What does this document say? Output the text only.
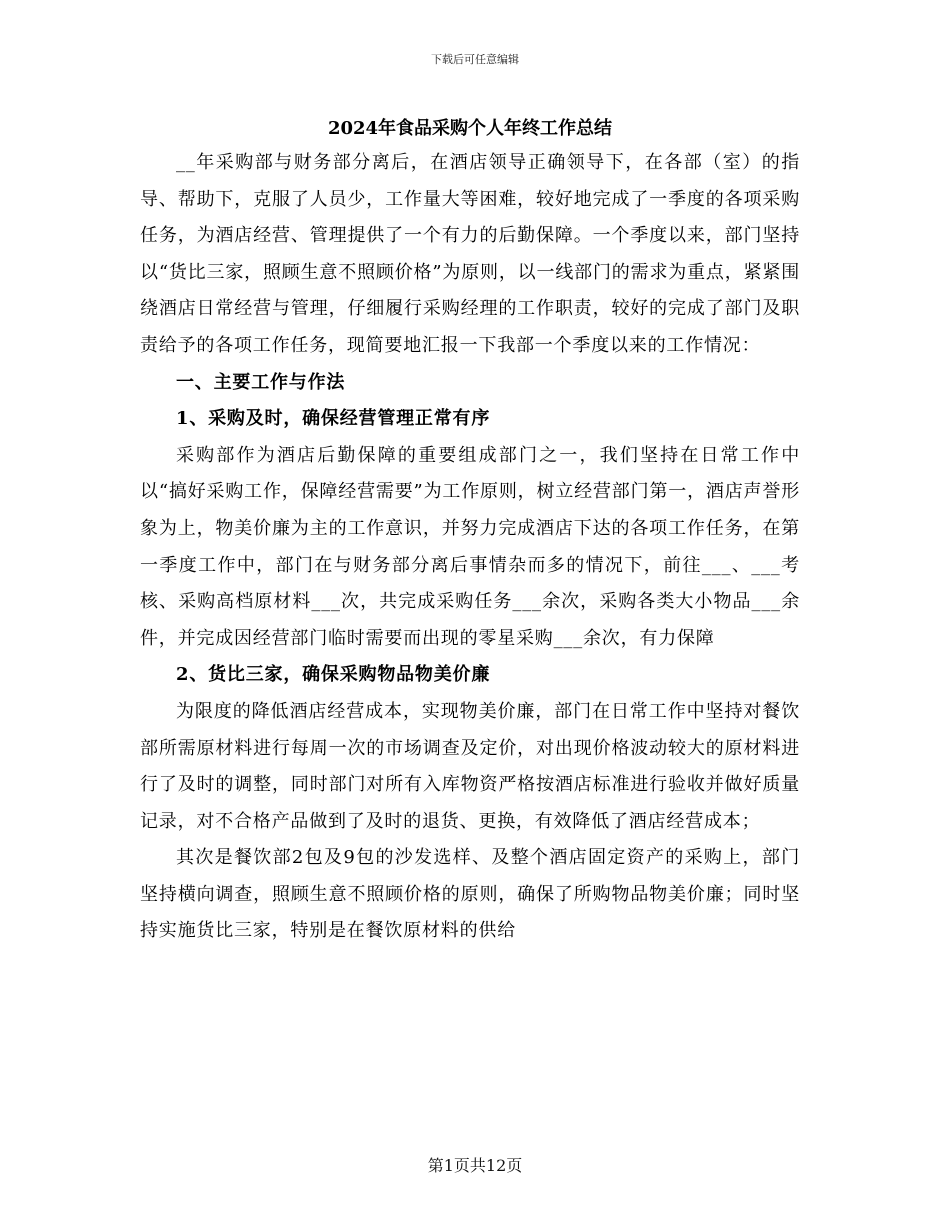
下载后可任意编辑
2024年食品采购个人年终工作总结

__年采购部与财务部分离后，在酒店领导正确领导下，在各部（室）的指导、帮助下，克服了人员少，工作量大等困难，较好地完成了一季度的各项采购任务，为酒店经营、管理提供了一个有力的后勤保障。一个季度以来，部门坚持以“货比三家，照顾生意不照顾价格”为原则，以一线部门的需求为重点，紧紧围绕酒店日常经营与管理，仔细履行采购经理的工作职责，较好的完成了部门及职责给予的各项工作任务，现简要地汇报一下我部一个季度以来的工作情况：

一、主要工作与作法

1、采购及时，确保经营管理正常有序

采购部作为酒店后勤保障的重要组成部门之一，我们坚持在日常工作中以“搞好采购工作，保障经营需要”为工作原则，树立经营部门第一，酒店声誉形象为上，物美价廉为主的工作意识，并努力完成酒店下达的各项工作任务，在第一季度工作中，部门在与财务部分离后事情杂而多的情况下，前往___、___考核、采购高档原材料___次，共完成采购任务___余次，采购各类大小物品___余件，并完成因经营部门临时需要而出现的零星采购___余次，有力保障

2、货比三家，确保采购物品物美价廉

为限度的降低酒店经营成本，实现物美价廉，部门在日常工作中坚持对餐饮部所需原材料进行每周一次的市场调查及定价，对出现价格波动较大的原材料进行了及时的调整，同时部门对所有入库物资严格按酒店标准进行验收并做好质量记录，对不合格产品做到了及时的退货、更换，有效降低了酒店经营成本；

其次是餐饮部2包及9包的沙发选样、及整个酒店固定资产的采购上，部门坚持横向调查，照顾生意不照顾价格的原则，确保了所购物品物美价廉；同时坚持实施货比三家，特别是在餐饮原材料的供给

第1页共12页
